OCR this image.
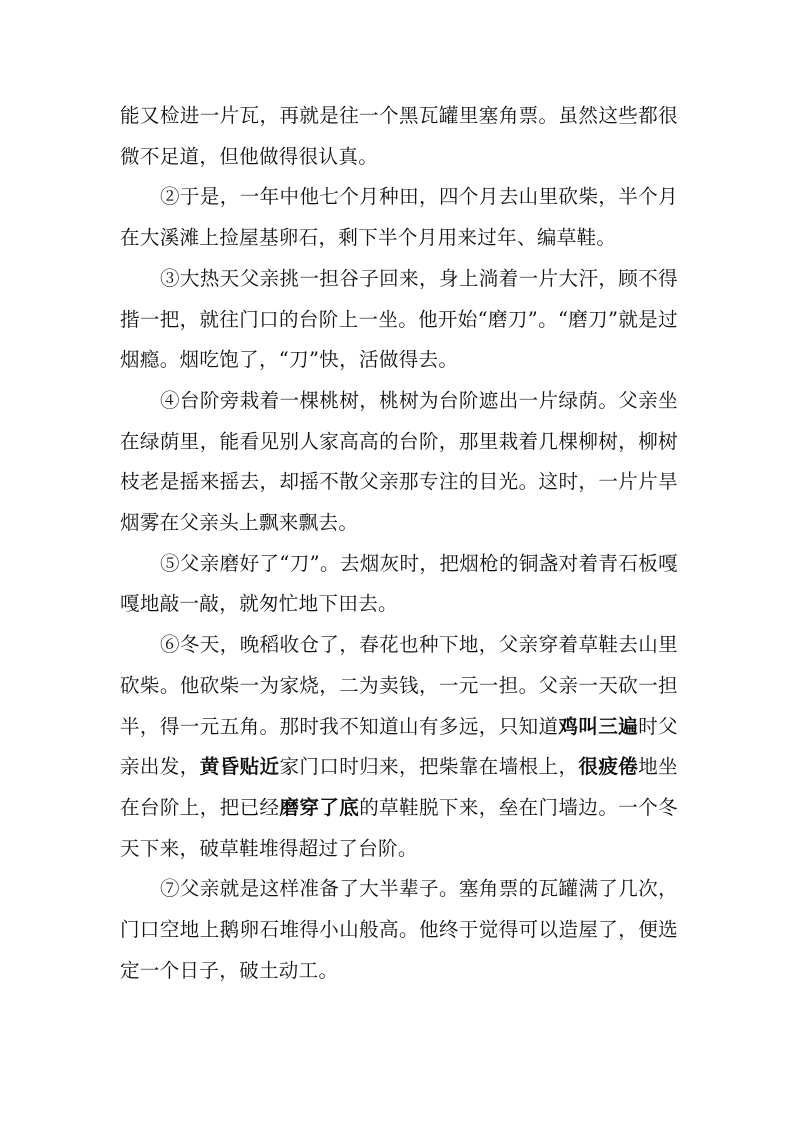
能又检进一片瓦，再就是往一个黑瓦罐里塞角票。虽然这些都很微不足道，但他做得很认真。

②于是，一年中他七个月种田，四个月去山里砍柴，半个月在大溪滩上捡屋基卵石，剩下半个月用来过年、编草鞋。

③大热天父亲挑一担谷子回来，身上淌着一片大汗，顾不得揩一把，就往门口的台阶上一坐。他开始“磨刀”。“磨刀”就是过烟瘾。烟吃饱了，“刀”快，活做得去。

④台阶旁栽着一棵桃树，桃树为台阶遮出一片绿荫。父亲坐在绿荫里，能看见别人家高高的台阶，那里栽着几棵柳树，柳树枝老是摇来摇去，却摇不散父亲那专注的目光。这时，一片片旱烟雾在父亲头上飘来飘去。

⑤父亲磨好了“刀”。去烟灰时，把烟枪的铜盏对着青石板嘎嘎地敲一敲，就匆忙地下田去。

⑥冬天，晚稻收仓了，春花也种下地，父亲穿着草鞋去山里砍柴。他砍柴一为家烧，二为卖钱，一元一担。父亲一天砍一担半，得一元五角。那时我不知道山有多远，只知道鸡叫三遍时父亲出发，黄昏贴近家门口时归来，把柴靠在墙根上，很疲倦地坐在台阶上，把已经磨穿了底的草鞋脱下来，垒在门墙边。一个冬天下来，破草鞋堆得超过了台阶。

⑦父亲就是这样准备了大半辈子。塞角票的瓦罐满了几次，门口空地上鹅卵石堆得小山般高。他终于觉得可以造屋了，便选定一个日子，破土动工。
